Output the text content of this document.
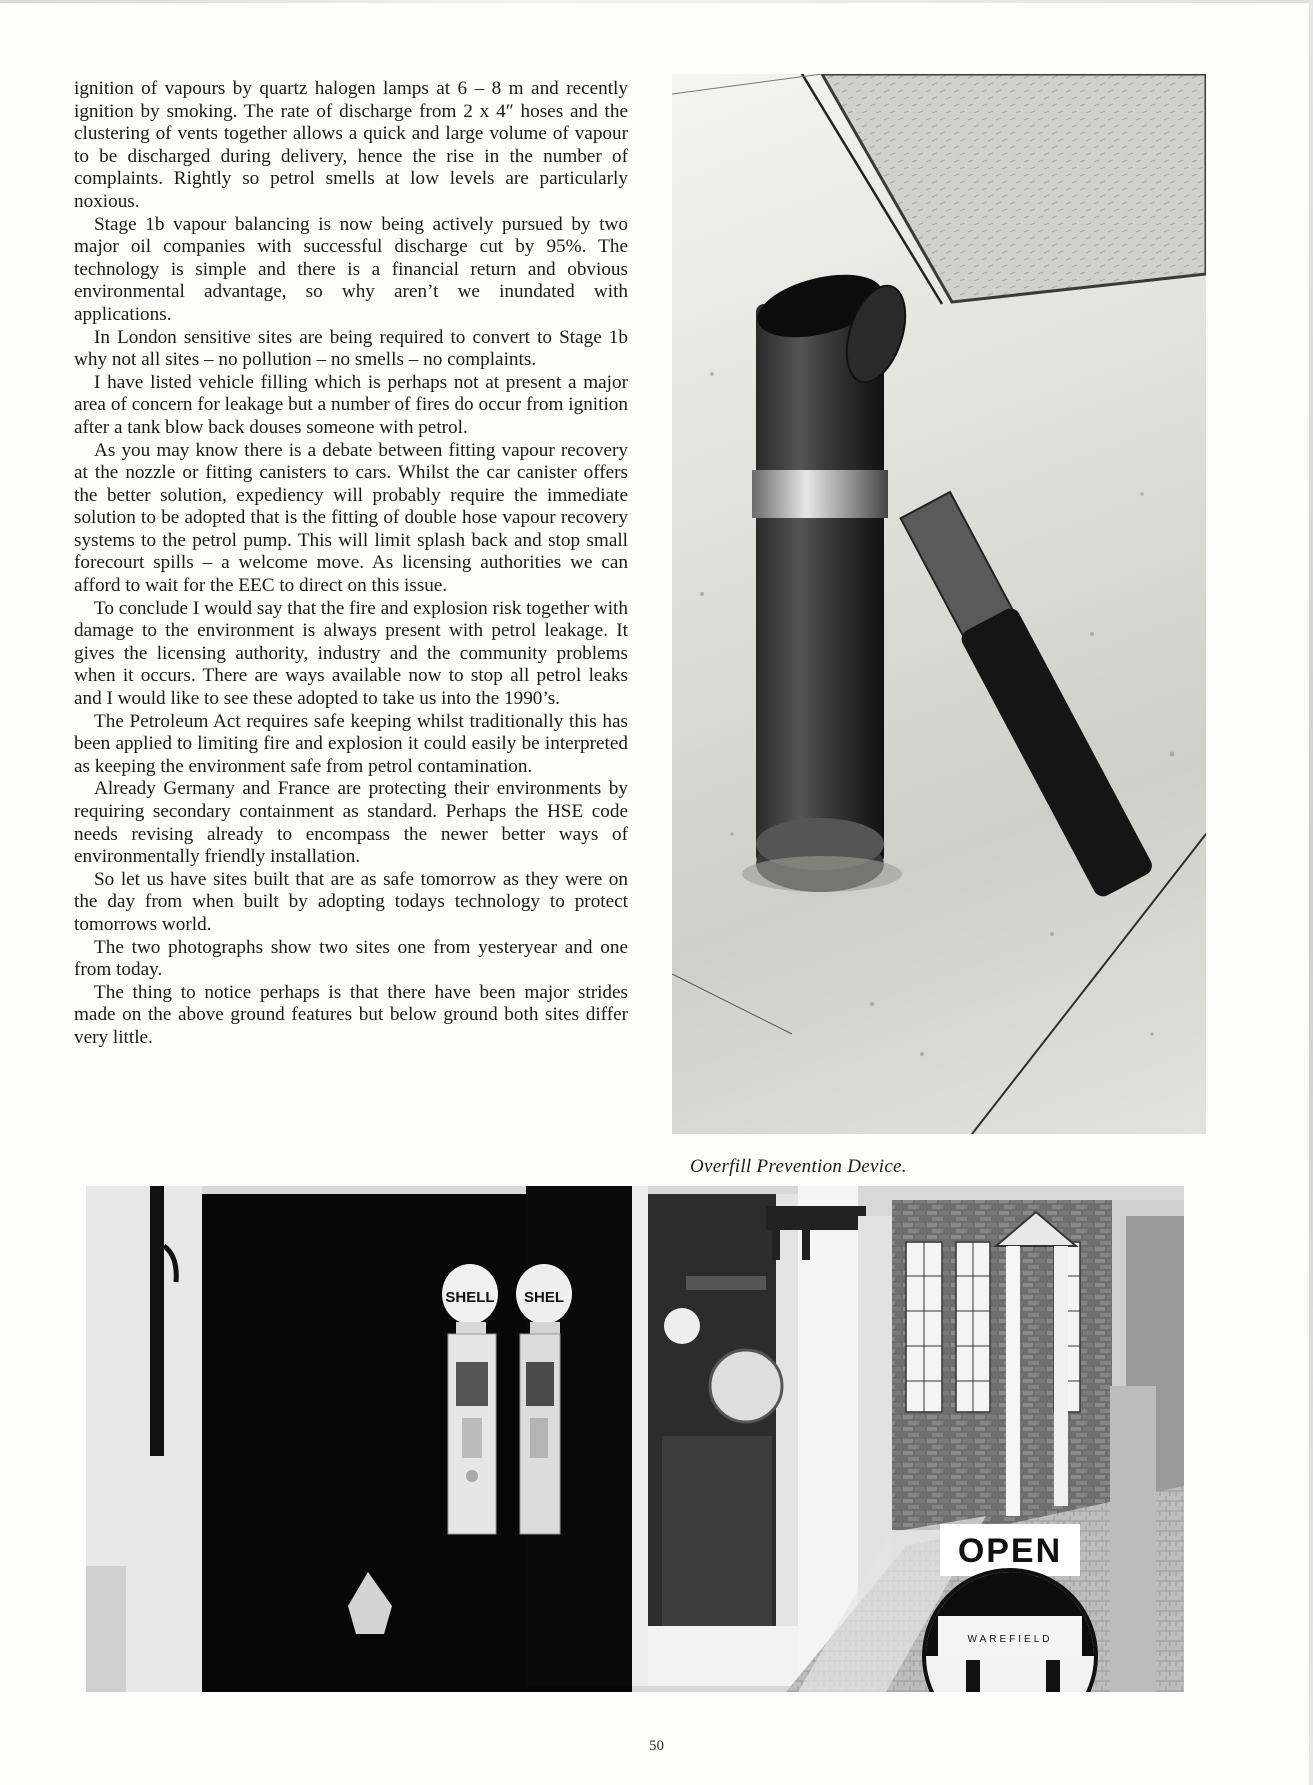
ignition of vapours by quartz halogen lamps at 6 – 8 m and recently ignition by smoking. The rate of discharge from 2 x 4″ hoses and the clustering of vents together allows a quick and large volume of vapour to be discharged during delivery, hence the rise in the number of complaints. Rightly so petrol smells at low levels are particularly noxious.

Stage 1b vapour balancing is now being actively pursued by two major oil companies with successful discharge cut by 95%. The technology is simple and there is a financial return and obvious environmental advantage, so why aren’t we inundated with applications.

In London sensitive sites are being required to convert to Stage 1b why not all sites – no pollution – no smells – no complaints.

I have listed vehicle filling which is perhaps not at present a major area of concern for leakage but a number of fires do occur from ignition after a tank blow back douses someone with petrol.

As you may know there is a debate between fitting vapour recovery at the nozzle or fitting canisters to cars. Whilst the car canister offers the better solution, expediency will probably require the immediate solution to be adopted that is the fitting of double hose vapour recovery systems to the petrol pump. This will limit splash back and stop small forecourt spills – a welcome move. As licensing authorities we can afford to wait for the EEC to direct on this issue.

To conclude I would say that the fire and explosion risk together with damage to the environment is always present with petrol leakage. It gives the licensing authority, industry and the community problems when it occurs. There are ways available now to stop all petrol leaks and I would like to see these adopted to take us into the 1990’s.

The Petroleum Act requires safe keeping whilst traditionally this has been applied to limiting fire and explosion it could easily be interpreted as keeping the environment safe from petrol contamination.

Already Germany and France are protecting their environments by requiring secondary containment as standard. Perhaps the HSE code needs revising already to encompass the newer better ways of environmentally friendly installation.

So let us have sites built that are as safe tomorrow as they were on the day from when built by adopting todays technology to protect tomorrows world.

The two photographs show two sites one from yesteryear and one from today.

The thing to notice perhaps is that there have been major strides made on the above ground features but below ground both sites differ very little.

Overfill Prevention Device.
SHELL SHEL
OPEN
WAREFIELD
50
